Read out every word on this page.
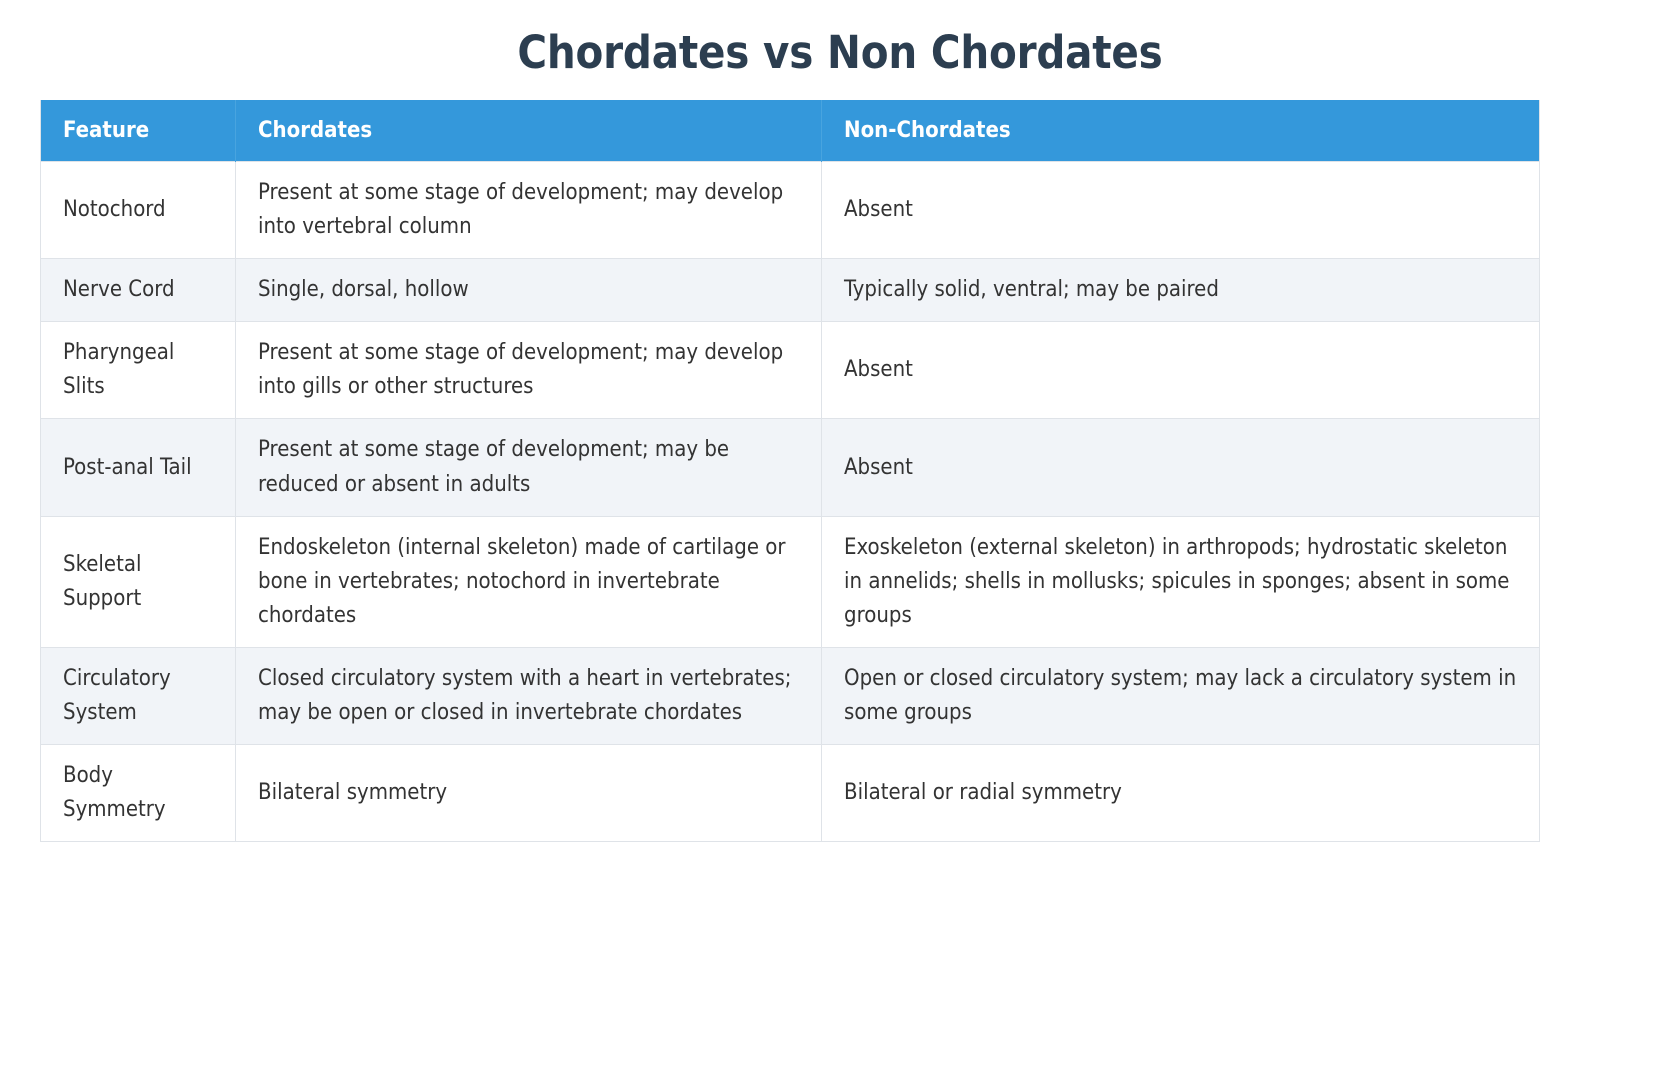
Chordates vs Non Chordates
Feature	Chordates	Non-Chordates
Notochord	Present at some stage of development; may develop into vertebral column	Absent
Nerve Cord	Single, dorsal, hollow	Typically solid, ventral; may be paired
Pharyngeal Slits	Present at some stage of development; may develop into gills or other structures	Absent
Post-anal Tail	Present at some stage of development; may be reduced or absent in adults	Absent
Skeletal Support	Endoskeleton (internal skeleton) made of cartilage or bone in vertebrates; notochord in invertebrate chordates	Exoskeleton (external skeleton) in arthropods; hydrostatic skeleton in annelids; shells in mollusks; spicules in sponges; absent in some groups
Circulatory System	Closed circulatory system with a heart in vertebrates; may be open or closed in invertebrate chordates	Open or closed circulatory system; may lack a circulatory system in some groups
Body Symmetry	Bilateral symmetry	Bilateral or radial symmetry
